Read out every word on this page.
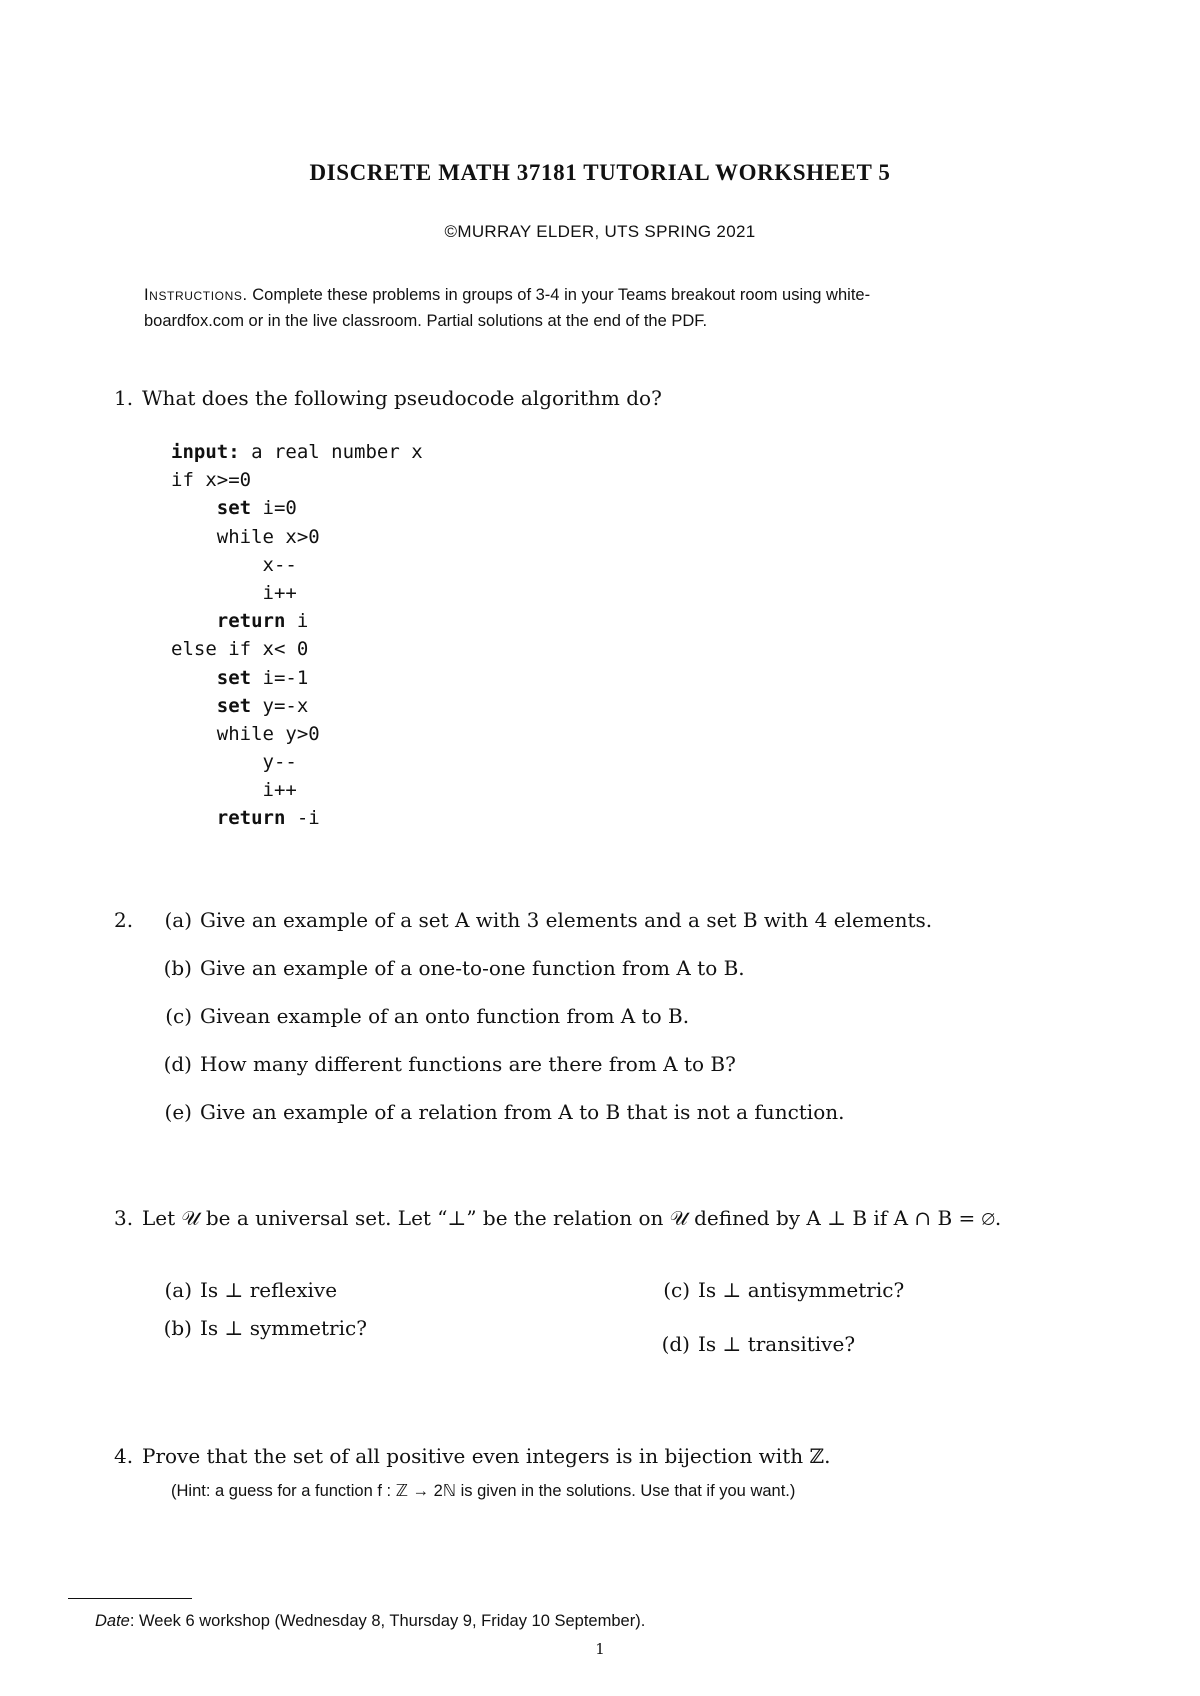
DISCRETE MATH 37181 TUTORIAL WORKSHEET 5
©MURRAY ELDER, UTS SPRING 2021
Instructions. Complete these problems in groups of 3-4 in your Teams breakout room using white-
boardfox.com or in the live classroom. Partial solutions at the end of the PDF.
1. What does the following pseudocode algorithm do?
input: a real number x
if x>=0
set i=0
while x>0
x--
i++
return i
else if x< 0
set i=-1
set y=-x
while y>0
y--
i++
return -i
2.	(a) Give an example of a set A with 3 elements and a set B with 4 elements.
(b) Give an example of a one-to-one function from A to B.
(c) Givean example of an onto function from A to B.
(d) How many different functions are there from A to B?
(e) Give an example of a relation from A to B that is not a function.
3. Let 𝒰 be a universal set. Let “⊥” be the relation on 𝒰 defined by A ⊥ B if A ∩ B = ∅.
(a) Is ⊥ reflexive
(b) Is ⊥ symmetric?
(c) Is ⊥ antisymmetric?
(d) Is ⊥ transitive?
4. Prove that the set of all positive even integers is in bijection with ℤ.
(Hint: a guess for a function f : ℤ → 2ℕ is given in the solutions. Use that if you want.)
Date: Week 6 workshop (Wednesday 8, Thursday 9, Friday 10 September).
1
